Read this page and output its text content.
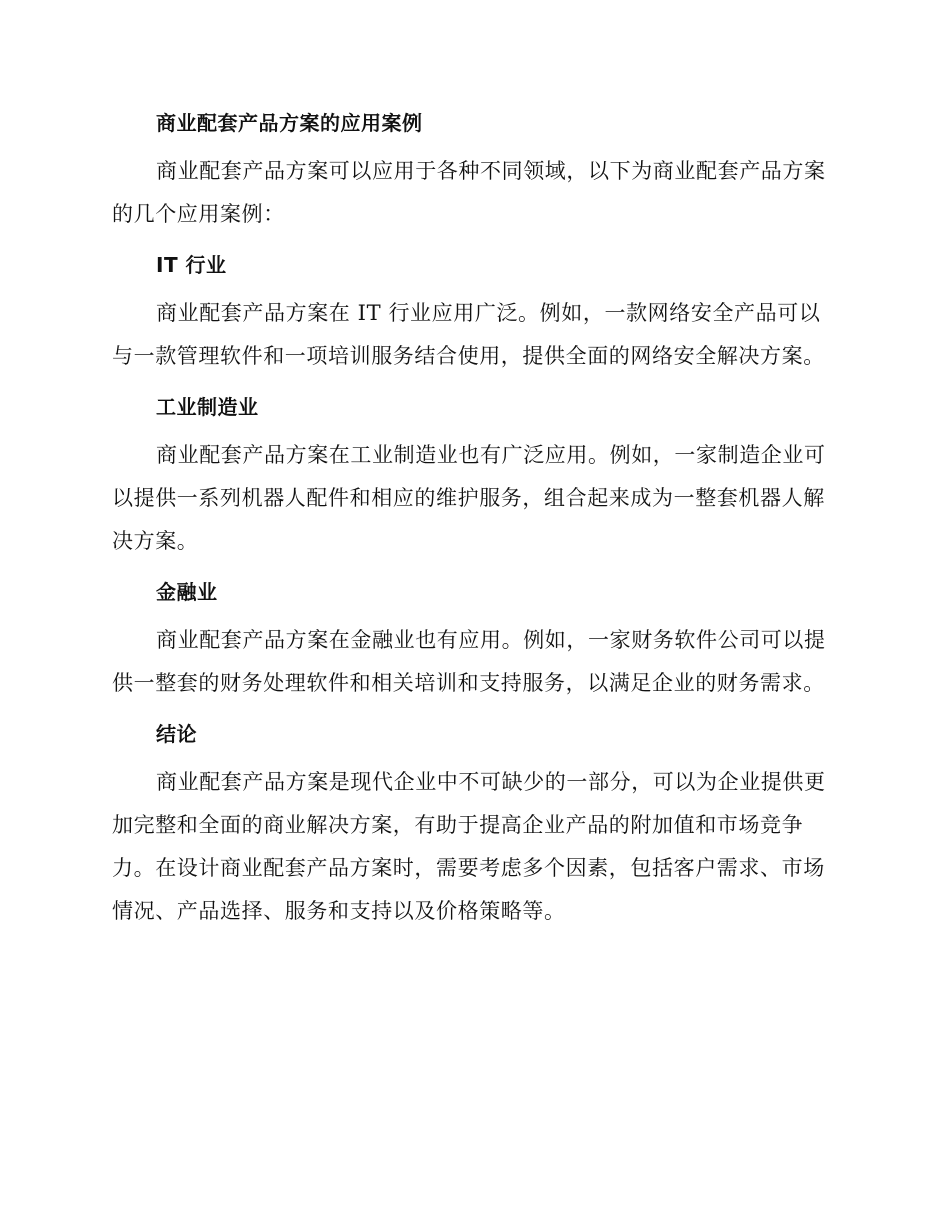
商业配套产品方案的应用案例

商业配套产品方案可以应用于各种不同领域，以下为商业配套产品方案的几个应用案例：

IT 行业

商业配套产品方案在 IT 行业应用广泛。例如，一款网络安全产品可以与一款管理软件和一项培训服务结合使用，提供全面的网络安全解决方案。

工业制造业

商业配套产品方案在工业制造业也有广泛应用。例如，一家制造企业可以提供一系列机器人配件和相应的维护服务，组合起来成为一整套机器人解决方案。

金融业

商业配套产品方案在金融业也有应用。例如，一家财务软件公司可以提供一整套的财务处理软件和相关培训和支持服务，以满足企业的财务需求。

结论

商业配套产品方案是现代企业中不可缺少的一部分，可以为企业提供更加完整和全面的商业解决方案，有助于提高企业产品的附加值和市场竞争力。在设计商业配套产品方案时，需要考虑多个因素，包括客户需求、市场情况、产品选择、服务和支持以及价格策略等。
